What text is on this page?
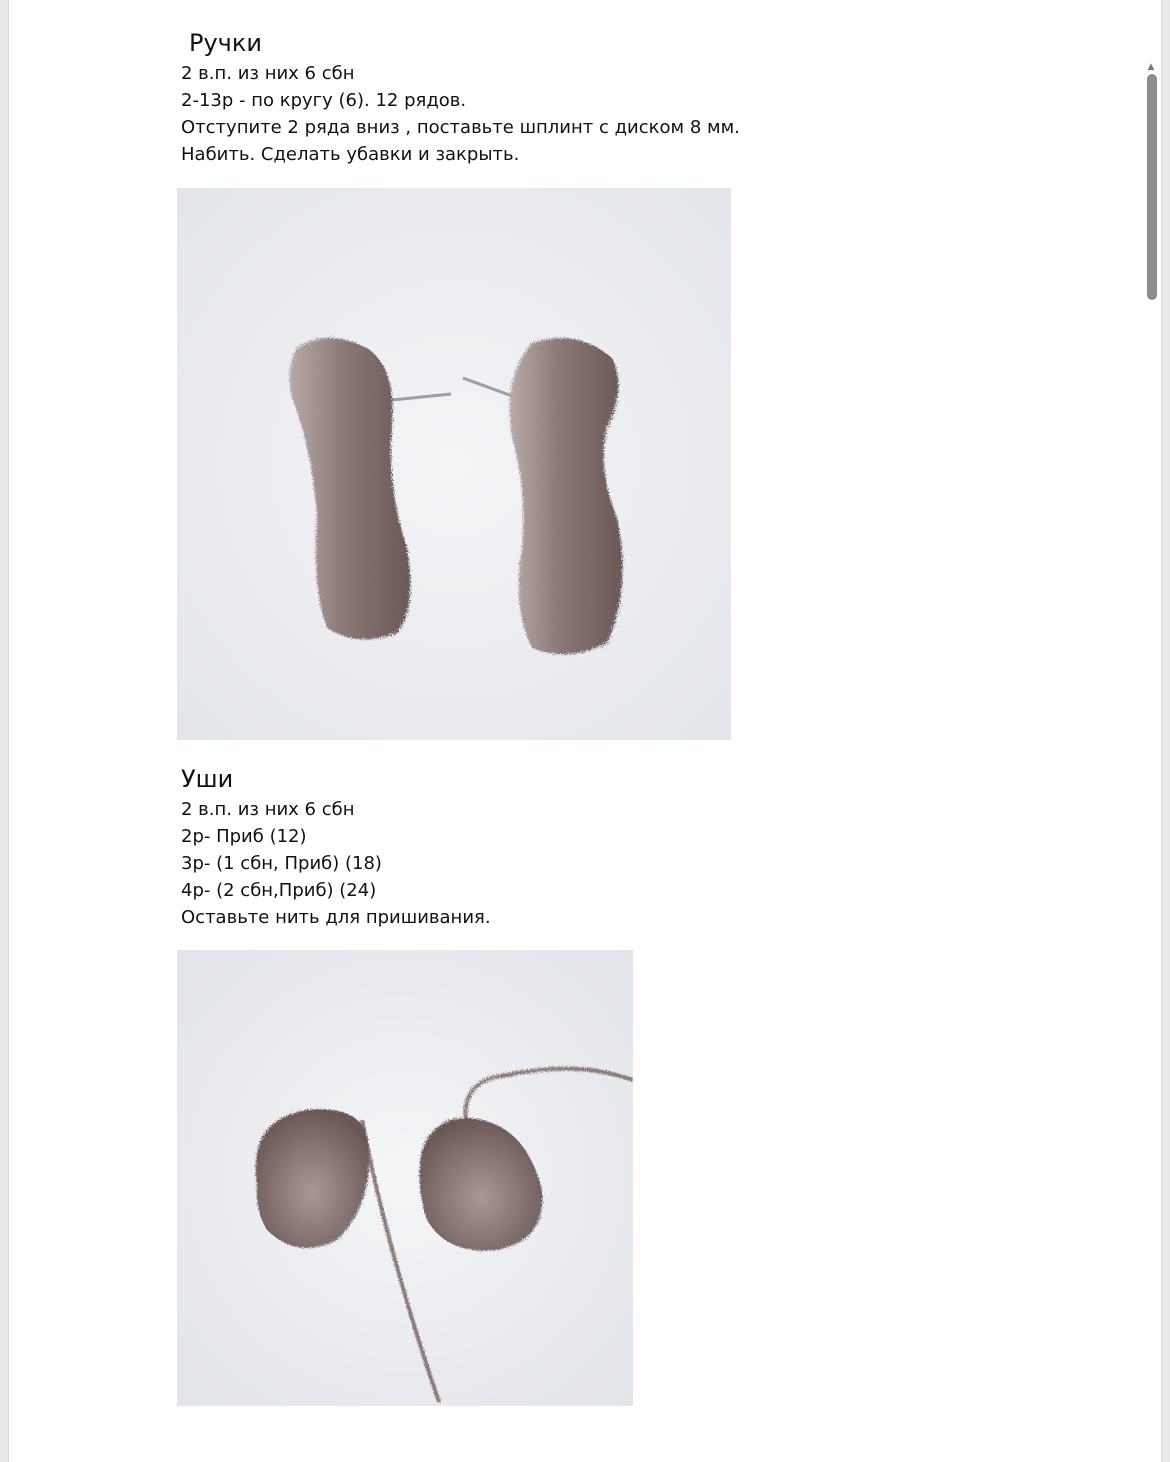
Ручки
2 в.п. из них 6 сбн
2-13р - по кругу (6). 12 рядов.
Отступите 2 ряда вниз , поставьте шплинт с диском 8 мм.
Набить. Сделать убавки и закрыть.
Уши
2 в.п. из них 6 сбн
2р- Приб (12)
3р- (1 сбн, Приб) (18)
4р- (2 сбн,Приб) (24)
Оставьте нить для пришивания.
▲
